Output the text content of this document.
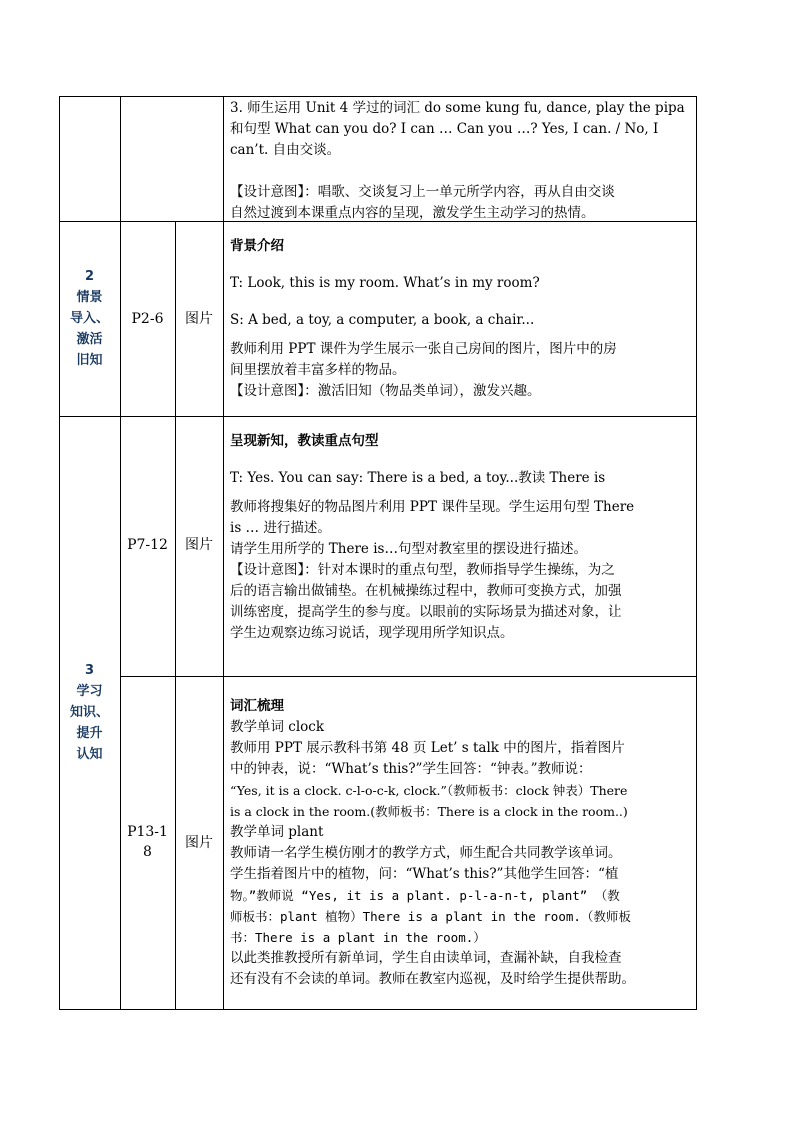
3. 师生运用 Unit 4 学过的词汇 do some kung fu, dance, play the pipa

和句型 What can you do? I can … Can you …? Yes, I can. / No, I

can’t. 自由交谈。

【设计意图】：唱歌、交谈复习上一单元所学内容，再从自由交谈

自然过渡到本课重点内容的呈现，激发学生主动学习的热情。

2
情景
导入、
激活
旧知
P2-6	图片

背景介绍

T: Look, this is my room. What’s in my room?

S: A bed, a toy, a computer, a book, a chair...

教师利用 PPT 课件为学生展示一张自己房间的图片，图片中的房

间里摆放着丰富多样的物品。

【设计意图】：激活旧知（物品类单词），激发兴趣。

P7-12	图片

呈现新知，教读重点句型

T: Yes. You can say: There is a bed, a toy...教读 There is

教师将搜集好的物品图片利用 PPT 课件呈现。学生运用句型 There

is … 进行描述。

请学生用所学的 There is…句型对教室里的摆设进行描述。

【设计意图】：针对本课时的重点句型，教师指导学生操练，为之

后的语言输出做铺垫。在机械操练过程中，教师可变换方式，加强

训练密度，提高学生的参与度。以眼前的实际场景为描述对象，让

学生边观察边练习说话，现学现用所学知识点。

3
学习
知识、
提升
认知
P13-1
8
图片

词汇梳理

教学单词 clock

教师用 PPT 展示教科书第 48 页 Let’ s talk 中的图片，指着图片

中的钟表，说：“What’s this?”学生回答：“钟表。”教师说：

“Yes, it is a clock. c-l-o-c-k, clock.”（教师板书：clock 钟表）There

is a clock in the room.(教师板书：There is a clock in the room..)

教学单词 plant

教师请一名学生模仿刚才的教学方式，师生配合共同教学该单词。

学生指着图片中的植物，问：“What’s this?”其他学生回答：“植

物。”教师说 “Yes, it is a plant. p-l-a-n-t, plant” （教

师板书：plant 植物）There is a plant in the room.（教师板

书：There is a plant in the room.）

以此类推教授所有新单词，学生自由读单词，查漏补缺，自我检查

还有没有不会读的单词。教师在教室内巡视，及时给学生提供帮助。
